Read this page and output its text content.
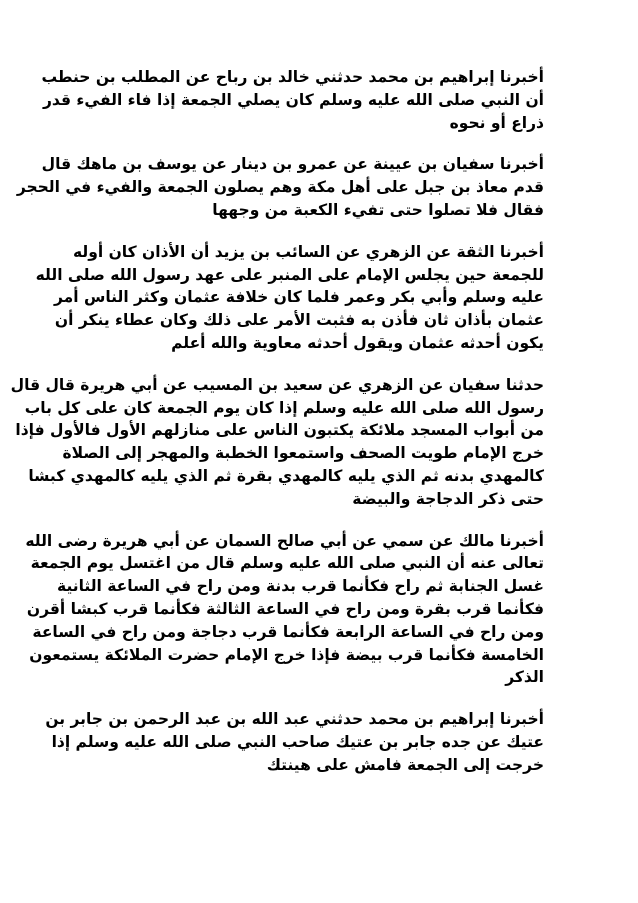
أخبرنا إبراهيم بن محمد حدثني خالد بن رباح عن المطلب بن حنطب
أن النبي صلى الله عليه وسلم كان يصلي الجمعة إذا فاء الفيء قدر
ذراع أو نحوه
أخبرنا سفيان بن عيينة عن عمرو بن دينار عن يوسف بن ماهك قال
قدم معاذ بن جبل على أهل مكة وهم يصلون الجمعة والفيء في الحجر
فقال فلا تصلوا حتى تفيء الكعبة من وجهها
أخبرنا الثقة عن الزهري عن السائب بن يزيد أن الأذان كان أوله
للجمعة حين يجلس الإمام على المنبر على عهد رسول الله صلى الله
عليه وسلم وأبي بكر وعمر فلما كان خلافة عثمان وكثر الناس أمر
عثمان بأذان ثان فأذن به فثبت الأمر على ذلك وكان عطاء ينكر أن
يكون أحدثه عثمان ويقول أحدثه معاوية والله أعلم
حدثنا سفيان عن الزهري عن سعيد بن المسيب عن أبي هريرة قال قال
رسول الله صلى الله عليه وسلم إذا كان يوم الجمعة كان على كل باب
من أبواب المسجد ملائكة يكتبون الناس على منازلهم الأول فالأول فإذا
خرج الإمام طويت الصحف واستمعوا الخطبة والمهجر إلى الصلاة
كالمهدي بدنه ثم الذي يليه كالمهدي بقرة ثم الذي يليه كالمهدي كبشا
حتى ذكر الدجاجة والبيضة
أخبرنا مالك عن سمي عن أبي صالح السمان عن أبي هريرة رضى الله
تعالى عنه أن النبي صلى الله عليه وسلم قال من اغتسل يوم الجمعة
غسل الجنابة ثم راح فكأنما قرب بدنة ومن راح في الساعة الثانية
فكأنما قرب بقرة ومن راح في الساعة الثالثة فكأنما قرب كبشا أقرن
ومن راح في الساعة الرابعة فكأنما قرب دجاجة ومن راح في الساعة
الخامسة فكأنما قرب بيضة فإذا خرج الإمام حضرت الملائكة يستمعون
الذكر
أخبرنا إبراهيم بن محمد حدثني عبد الله بن عبد الرحمن بن جابر بن
عتيك عن جده جابر بن عتيك صاحب النبي صلى الله عليه وسلم إذا
خرجت إلى الجمعة فامش على هينتك
